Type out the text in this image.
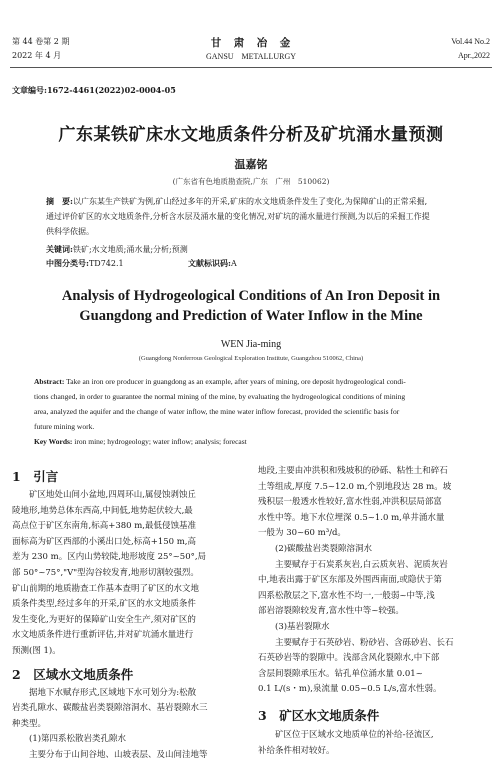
第 44 卷第 2 期
2022 年 4 月
甘　肃　冶　金
GANSU　METALLURGY
Vol.44 No.2
Apr.,2022
文章编号:1672-4461(2022)02-0004-05
广东某铁矿床水文地质条件分析及矿坑涌水量预测
温嘉铭
(广东省有色地质勘查院,广东　广州　510062)
摘　要:以广东某生产铁矿为例,矿山经过多年的开采,矿床的水文地质条件发生了变化,为保障矿山的正常采掘,
通过评价矿区的水文地质条件,分析含水层及涌水量的变化情况,对矿坑的涌水量进行预测,为以后的采掘工作提
供科学依据。
关键词:铁矿;水文地质;涌水量;分析;预测
中图分类号:TD742.1	文献标识码:A
Analysis of Hydrogeological Conditions of An Iron Deposit in
Guangdong and Prediction of Water Inflow in the Mine
WEN Jia-ming
(Guangdong Nonferrous Geological Exploration Institute, Guangzhou 510062, China)
Abstract: Take an iron ore producer in guangdong as an example, after years of mining, ore deposit hydrogeological condi-
tions changed, in order to guarantee the normal mining of the mine, by evaluating the hydrogeological conditions of mining
area, analyzed the aquifer and the change of water inflow, the mine water inflow forecast, provided the scientific basis for
future mining work.
Key Words: iron mine; hydrogeology; water inflow; analysis; forecast
1　引言
　　矿区地处山间小盆地,四周环山,属侵蚀剥蚀丘
陵地形,地势总体东西高,中间低,地势起伏较大,最
高点位于矿区东南角,标高+380 m,最低侵蚀基准
面标高为矿区西部的小溪出口处,标高+150 m,高
差为 230 m。区内山势较陡,地形坡度 25°~50°,局
部 50°~75°,"V"型沟谷较发育,地形切割较强烈。
矿山前期的地质勘查工作基本查明了矿区的水文地
质条件类型,经过多年的开采,矿区的水文地质条件
发生变化,为更好的保障矿山安全生产,须对矿区的
水文地质条件进行重新评估,并对矿坑涌水量进行
预测(图 1)。
2　区域水文地质条件
　　据地下水赋存形式,区域地下水可划分为:松散
岩类孔隙水、碳酸盐岩类裂隙溶洞水、基岩裂隙水三
种类型。
(1)第四系松散岩类孔隙水
　　主要分布于山间谷地、山坡表层、及山间洼地等
地段,主要由冲洪积和残坡积的砂砾、粘性土和碎石
土等组成,厚度 7.5~12.0 m,个别地段达 28 m。坡
残积层一般透水性较好,富水性弱,冲洪积层局部富
水性中等。地下水位埋深 0.5~1.0 m,单井涌水量
一般为 30~60 m³/d。
(2)碳酸盐岩类裂隙溶洞水
　　主要赋存于石炭系灰岩,白云质灰岩、泥质灰岩
中,地表出露于矿区东部及外围西南面,或隐伏于第
四系松散层之下,富水性不均一,一般弱~中等,浅
部岩溶裂隙较发育,富水性中等~较强。
(3)基岩裂隙水
　　主要赋存于石英砂岩、粉砂岩、含砾砂岩、长石
石英砂岩等的裂隙中。浅部含风化裂隙水,中下部
含层间裂隙承压水。钻孔单位涌水量 0.01~
0.1 L/(s・m),泉流量 0.05~0.5 L/s,富水性弱。
3　矿区水文地质条件
　　矿区位于区域水文地质单位的补给-径流区,
补给条件相对较好。
